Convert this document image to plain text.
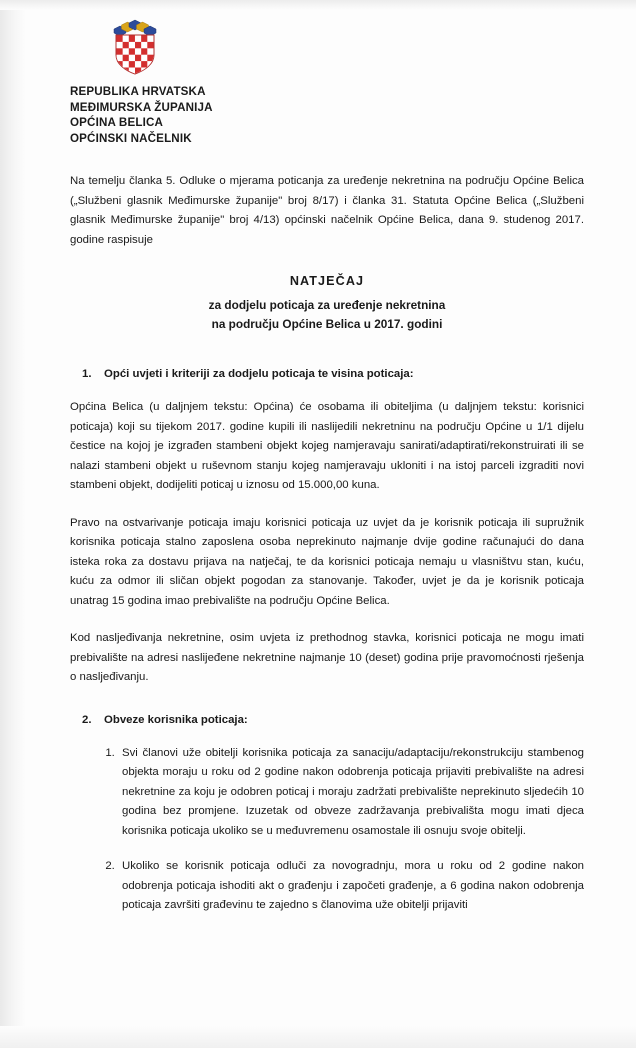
REPUBLIKA HRVATSKA
MEĐIMURSKA ŽUPANIJA
OPĆINA BELICA
OPĆINSKI NAČELNIK

Na temelju članka 5. Odluke o mjerama poticanja za uređenje nekretnina na području Općine Belica („Službeni glasnik Međimurske županije" broj 8/17) i članka 31. Statuta Općine Belica („Službeni glasnik Međimurske županije" broj 4/13) općinski načelnik Općine Belica, dana 9. studenog 2017. godine raspisuje

NATJEČAJ
za dodjelu poticaja za uređenje nekretnina
na području Općine Belica u 2017. godini
1. Opći uvjeti i kriteriji za dodjelu poticaja te visina poticaja:

Općina Belica (u daljnjem tekstu: Općina) će osobama ili obiteljima (u daljnjem tekstu: korisnici poticaja) koji su tijekom 2017. godine kupili ili naslijedili nekretninu na području Općine u 1/1 dijelu čestice na kojoj je izgrađen stambeni objekt kojeg namjeravaju sanirati/adaptirati/rekonstruirati ili se nalazi stambeni objekt u ruševnom stanju kojeg namjeravaju ukloniti i na istoj parceli izgraditi novi stambeni objekt, dodijeliti poticaj u iznosu od 15.000,00 kuna.

Pravo na ostvarivanje poticaja imaju korisnici poticaja uz uvjet da je korisnik poticaja ili supružnik korisnika poticaja stalno zaposlena osoba neprekinuto najmanje dvije godine računajući do dana isteka roka za dostavu prijava na natječaj, te da korisnici poticaja nemaju u vlasništvu stan, kuću, kuću za odmor ili sličan objekt pogodan za stanovanje. Također, uvjet je da je korisnik poticaja unatrag 15 godina imao prebivalište na području Općine Belica.

Kod nasljeđivanja nekretnine, osim uvjeta iz prethodnog stavka, korisnici poticaja ne mogu imati prebivalište na adresi naslijeđene nekretnine najmanje 10 (deset) godina prije pravomoćnosti rješenja o nasljeđivanju.

2. Obveze korisnika poticaja:
1. Svi članovi uže obitelji korisnika poticaja za sanaciju/adaptaciju/rekonstrukciju stambenog objekta moraju u roku od 2 godine nakon odobrenja poticaja prijaviti prebivalište na adresi nekretnine za koju je odobren poticaj i moraju zadržati prebivalište neprekinuto sljedećih 10 godina bez promjene. Izuzetak od obveze zadržavanja prebivališta mogu imati djeca korisnika poticaja ukoliko se u međuvremenu osamostale ili osnuju svoje obitelji.
2. Ukoliko se korisnik poticaja odluči za novogradnju, mora u roku od 2 godine nakon odobrenja poticaja ishoditi akt o građenju i započeti građenje, a 6 godina nakon odobrenja poticaja završiti građevinu te zajedno s članovima uže obitelji prijaviti
